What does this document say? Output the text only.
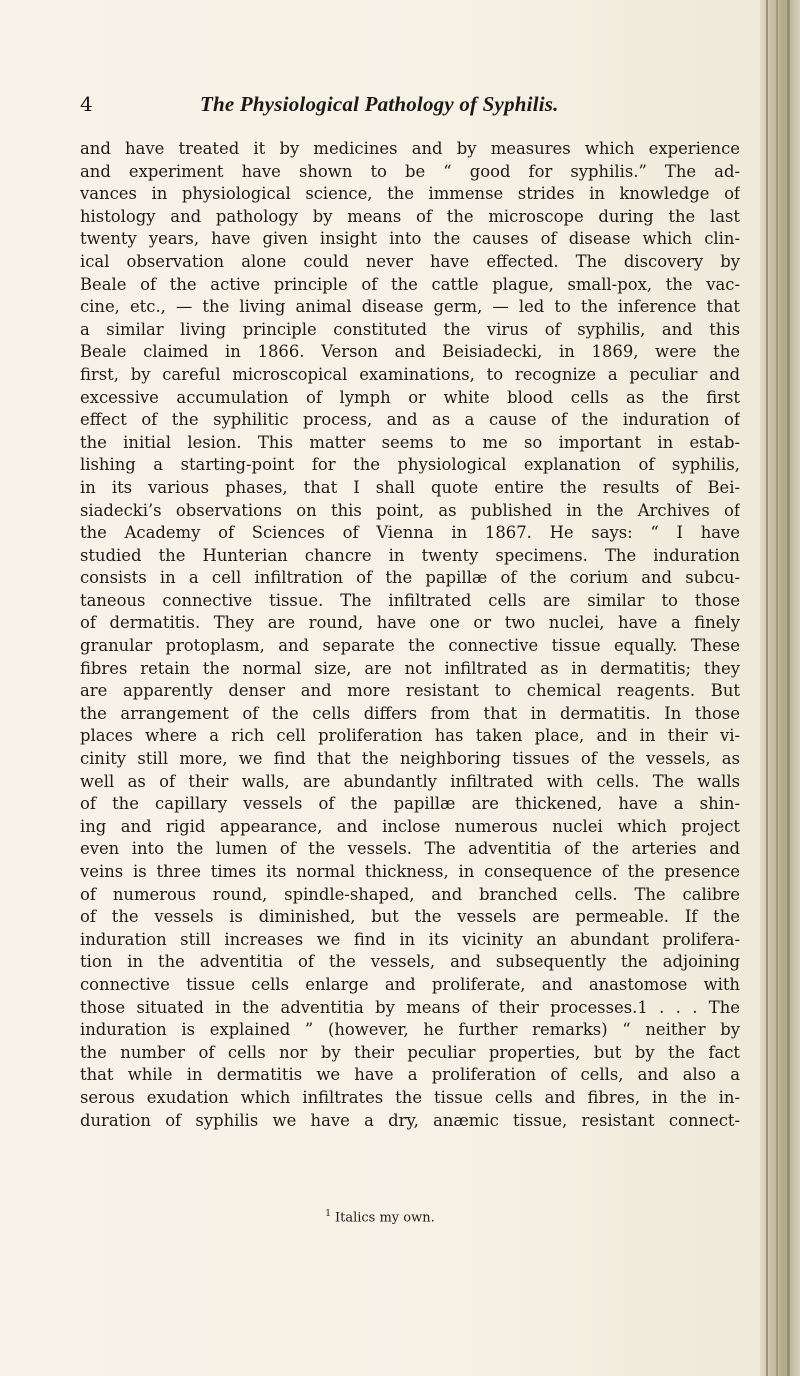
4	The Physiological Pathology of Syphilis.
and have treated it by medicines and by measures which experience
and experiment have shown to be “ good for syphilis.” The ad-
vances in physiological science, the immense strides in knowledge of
histology and pathology by means of the microscope during the last
twenty years, have given insight into the causes of disease which clin-
ical observation alone could never have effected. The discovery by
Beale of the active principle of the cattle plague, small-pox, the vac-
cine, etc., — the living animal disease germ, — led to the inference that
a similar living principle constituted the virus of syphilis, and this
Beale claimed in 1866. Verson and Beisiadecki, in 1869, were the
first, by careful microscopical examinations, to recognize a peculiar and
excessive accumulation of lymph or white blood cells as the first
effect of the syphilitic process, and as a cause of the induration of
the initial lesion. This matter seems to me so important in estab-
lishing a starting-point for the physiological explanation of syphilis,
in its various phases, that I shall quote entire the results of Bei-
siadecki’s observations on this point, as published in the Archives of
the Academy of Sciences of Vienna in 1867. He says: “ I have
studied the Hunterian chancre in twenty specimens. The induration
consists in a cell infiltration of the papillæ of the corium and subcu-
taneous connective tissue. The infiltrated cells are similar to those
of dermatitis. They are round, have one or two nuclei, have a finely
granular protoplasm, and separate the connective tissue equally. These
fibres retain the normal size, are not infiltrated as in dermatitis; they
are apparently denser and more resistant to chemical reagents. But
the arrangement of the cells differs from that in dermatitis. In those
places where a rich cell proliferation has taken place, and in their vi-
cinity still more, we find that the neighboring tissues of the vessels, as
well as of their walls, are abundantly infiltrated with cells. The walls
of the capillary vessels of the papillæ are thickened, have a shin-
ing and rigid appearance, and inclose numerous nuclei which project
even into the lumen of the vessels. The adventitia of the arteries and
veins is three times its normal thickness, in consequence of the presence
of numerous round, spindle-shaped, and branched cells. The calibre
of the vessels is diminished, but the vessels are permeable. If the
induration still increases we find in its vicinity an abundant prolifera-
tion in the adventitia of the vessels, and subsequently the adjoining
connective tissue cells enlarge and proliferate, and anastomose with
those situated in the adventitia by means of their processes.1 . . . The
induration is explained ” (however, he further remarks) “ neither by
the number of cells nor by their peculiar properties, but by the fact
that while in dermatitis we have a proliferation of cells, and also a
serous exudation which infiltrates the tissue cells and fibres, in the in-
duration of syphilis we have a dry, anæmic tissue, resistant connect-
$^1$ Italics my own.
